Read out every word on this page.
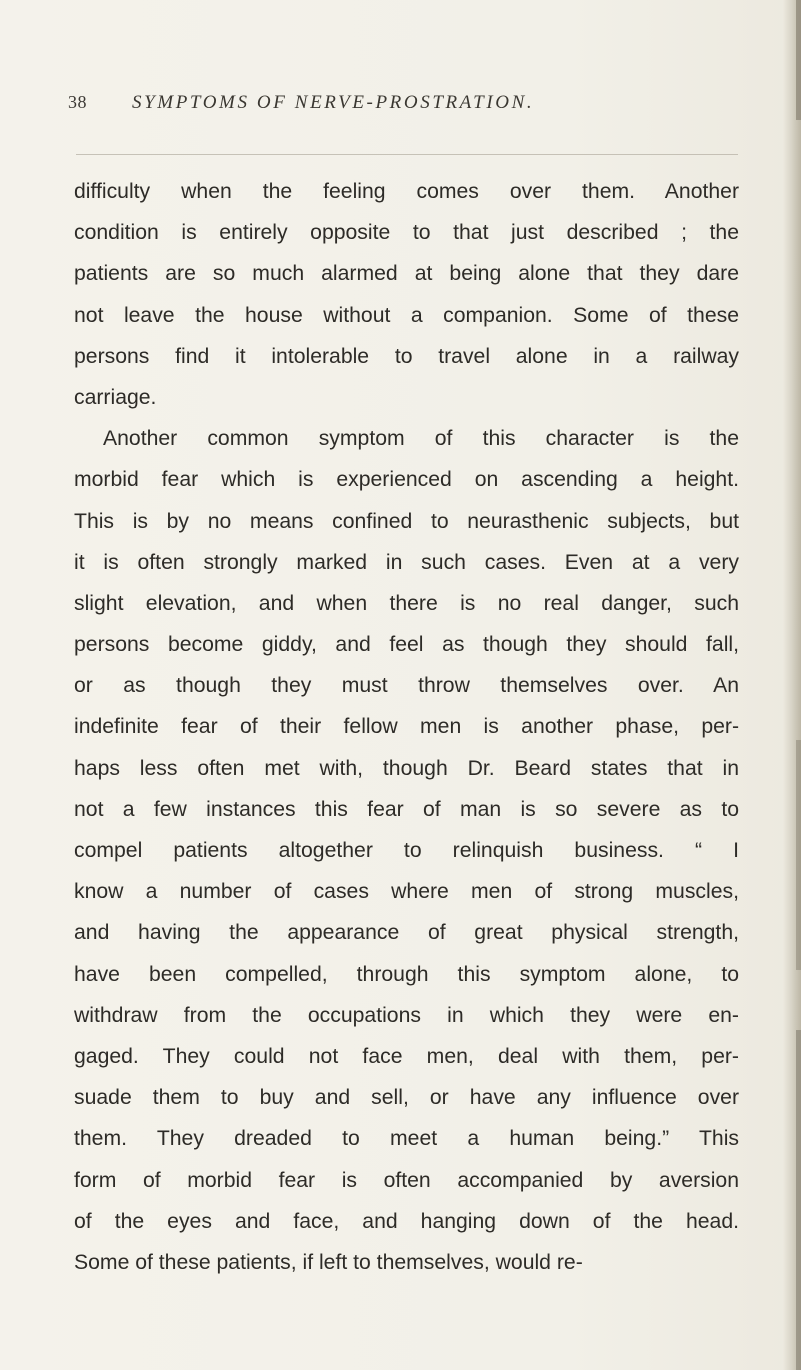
38 SYMPTOMS OF NERVE-PROSTRATION.
difficulty when the feeling comes over them. Another
condition is entirely opposite to that just described ; the
patients are so much alarmed at being alone that they dare
not leave the house without a companion. Some of these
persons find it intolerable to travel alone in a railway
carriage.
Another common symptom of this character is the
morbid fear which is experienced on ascending a height.
This is by no means confined to neurasthenic subjects, but
it is often strongly marked in such cases. Even at a very
slight elevation, and when there is no real danger, such
persons become giddy, and feel as though they should fall,
or as though they must throw themselves over. An
indefinite fear of their fellow men is another phase, per-
haps less often met with, though Dr. Beard states that in
not a few instances this fear of man is so severe as to
compel patients altogether to relinquish business. “ I
know a number of cases where men of strong muscles,
and having the appearance of great physical strength,
have been compelled, through this symptom alone, to
withdraw from the occupations in which they were en-
gaged. They could not face men, deal with them, per-
suade them to buy and sell, or have any influence over
them. They dreaded to meet a human being.” This
form of morbid fear is often accompanied by aversion
of the eyes and face, and hanging down of the head.
Some of these patients, if left to themselves, would re-
